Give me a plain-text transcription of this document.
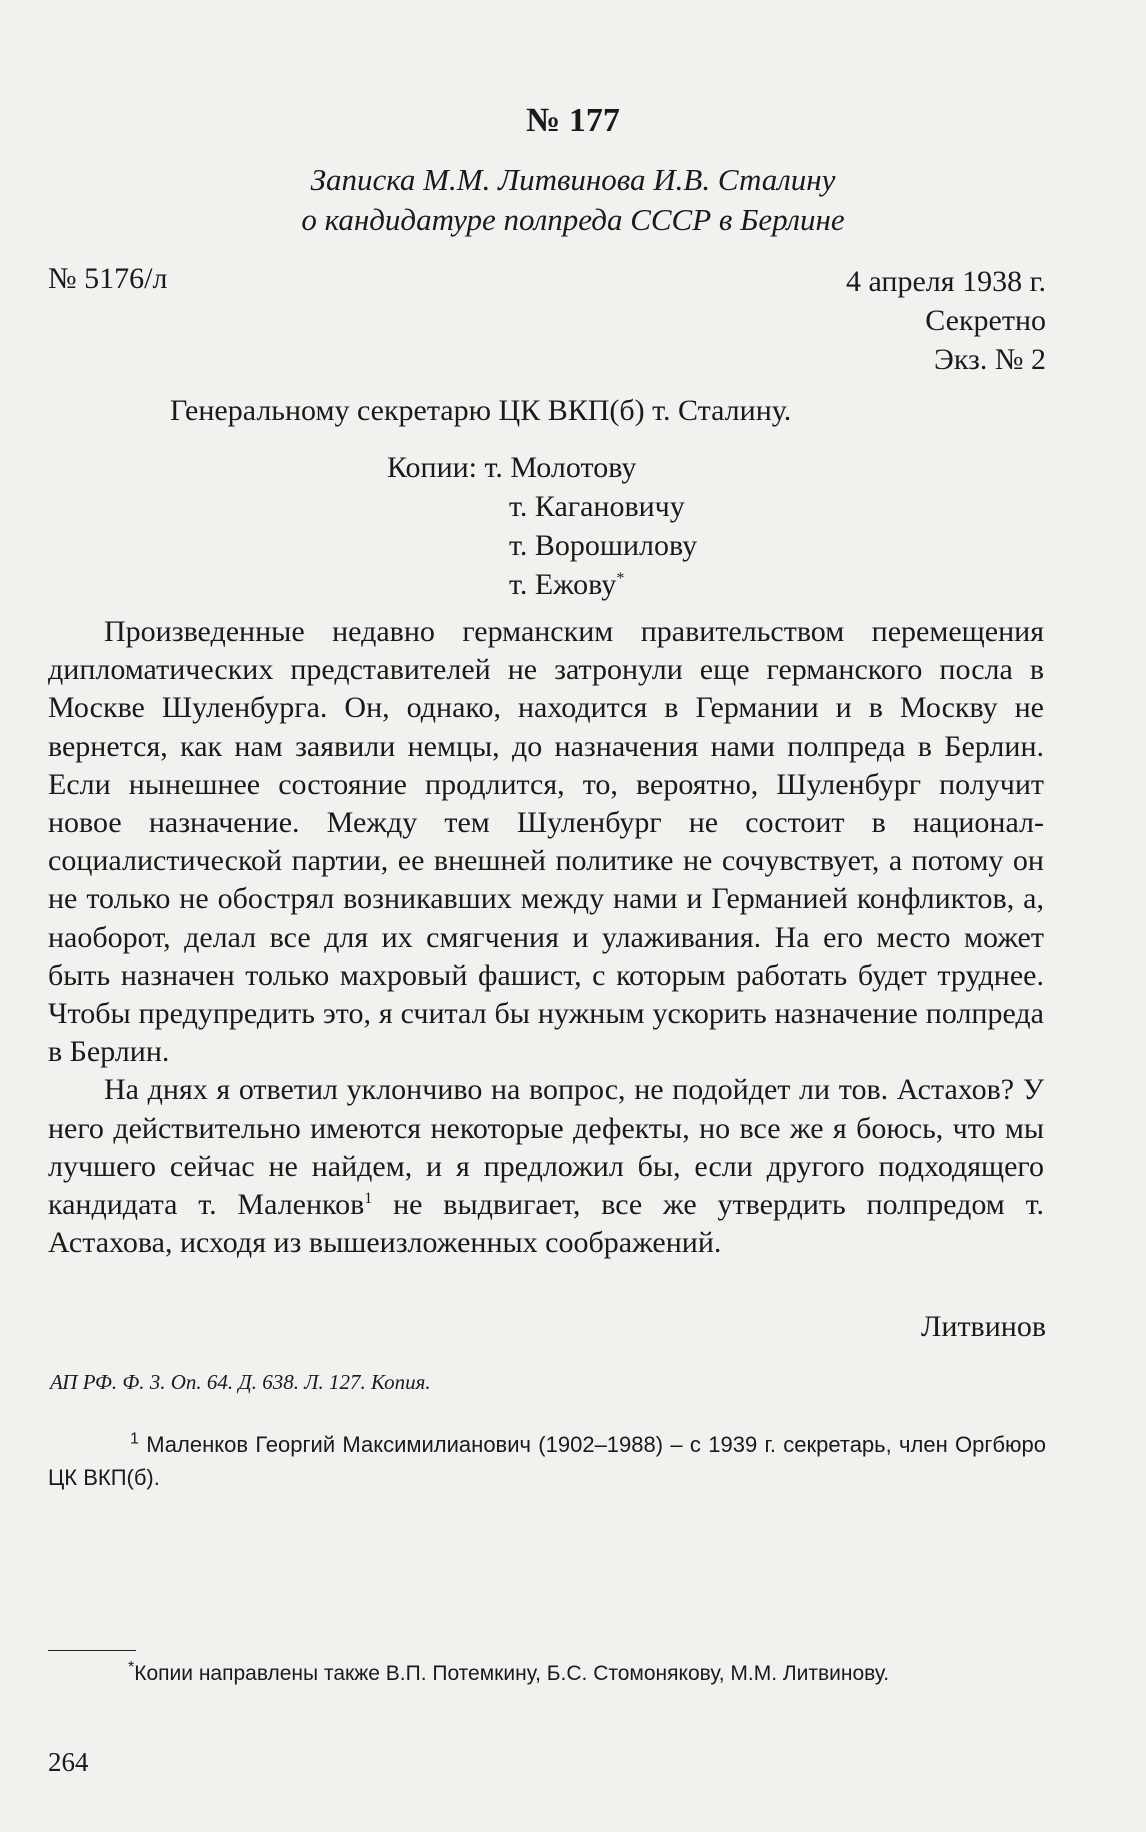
№ 177
Записка М.М. Литвинова И.В. Сталину
о кандидатуре полпреда СССР в Берлине
№ 5176/л	4 апреля 1938 г.
Секретно
Экз. № 2
Генеральному секретарю ЦК ВКП(б) т. Сталину.
Копии: т. Молотову
т. Кагановичу
т. Ворошилову
т. Ежову*

Произведенные недавно германским правительством перемещения дипломатических представителей не затронули еще германского посла в Москве Шуленбурга. Он, однако, находится в Германии и в Москву не вернется, как нам заявили немцы, до назначения нами полпреда в Берлин. Если нынешнее состояние продлится, то, вероятно, Шуленбург получит новое назначение. Между тем Шуленбург не состоит в национал-социалистической партии, ее внешней политике не сочувствует, а потому он не только не обострял возникавших между нами и Германией конфликтов, а, наоборот, делал все для их смягчения и улаживания. На его место может быть назначен только махровый фашист, с которым работать будет труднее. Чтобы предупредить это, я считал бы нужным ускорить назначение полпреда в Берлин.

На днях я ответил уклончиво на вопрос, не подойдет ли тов. Астахов? У него действительно имеются некоторые дефекты, но все же я боюсь, что мы лучшего сейчас не найдем, и я предложил бы, если другого подходящего кандидата т. Маленков$^1$ не выдвигает, все же утвердить полпредом т. Астахова, исходя из вышеизложенных соображений.

Литвинов
АП РФ. Ф. 3. Оп. 64. Д. 638. Л. 127. Копия.

$^1$ Маленков Георгий Максимилианович (1902–1988) – с 1939 г. секретарь, член Оргбюро ЦК ВКП(б).

*Копии направлены также В.П. Потемкину, Б.С. Стомонякову, М.М. Литвинову.
264
